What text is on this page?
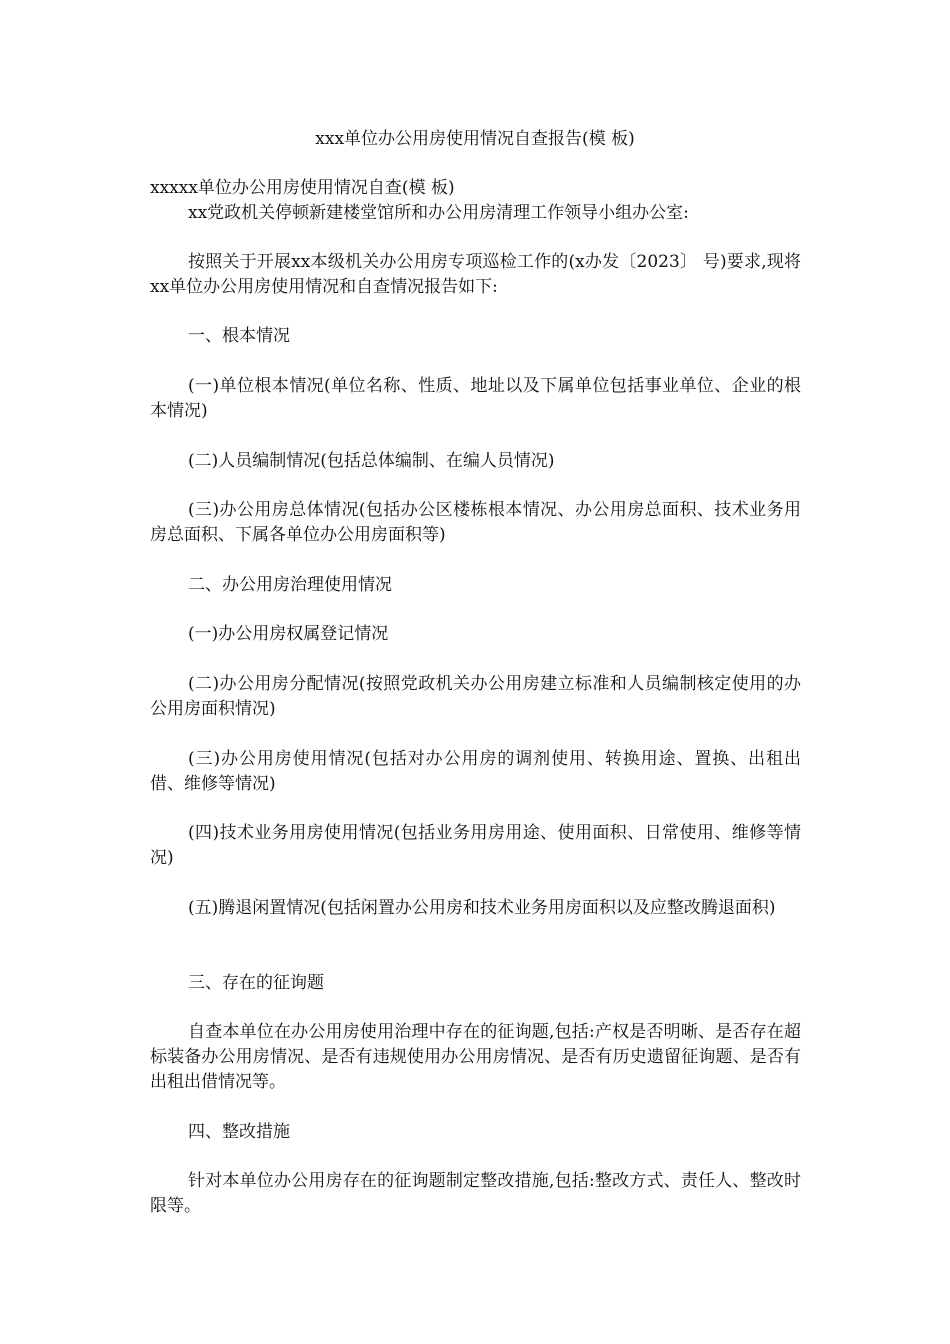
xxx单位办公用房使用情况自查报告(模 板)

xxxxx单位办公用房使用情况自查(模 板)

xx党政机关停顿新建楼堂馆所和办公用房清理工作领导小组办公室:

按照关于开展xx本级机关办公用房专项巡检工作的(x办发〔2023〕 号)要求,现将xx单位办公用房使用情况和自查情况报告如下:

一、根本情况

(一)单位根本情况(单位名称、性质、地址以及下属单位包括事业单位、企业的根本情况)

(二)人员编制情况(包括总体编制、在编人员情况)

(三)办公用房总体情况(包括办公区楼栋根本情况、办公用房总面积、技术业务用房总面积、下属各单位办公用房面积等)

二、办公用房治理使用情况

(一)办公用房权属登记情况

(二)办公用房分配情况(按照党政机关办公用房建立标准和人员编制核定使用的办公用房面积情况)

(三)办公用房使用情况(包括对办公用房的调剂使用、转换用途、置换、出租出借、维修等情况)

(四)技术业务用房使用情况(包括业务用房用途、使用面积、日常使用、维修等情况)

(五)腾退闲置情况(包括闲置办公用房和技术业务用房面积以及应整改腾退面积)

三、存在的征询题

自查本单位在办公用房使用治理中存在的征询题,包括:产权是否明晰、是否存在超标装备办公用房情况、是否有违规使用办公用房情况、是否有历史遗留征询题、是否有出租出借情况等。

四、整改措施

针对本单位办公用房存在的征询题制定整改措施,包括:整改方式、责任人、整改时限等。
